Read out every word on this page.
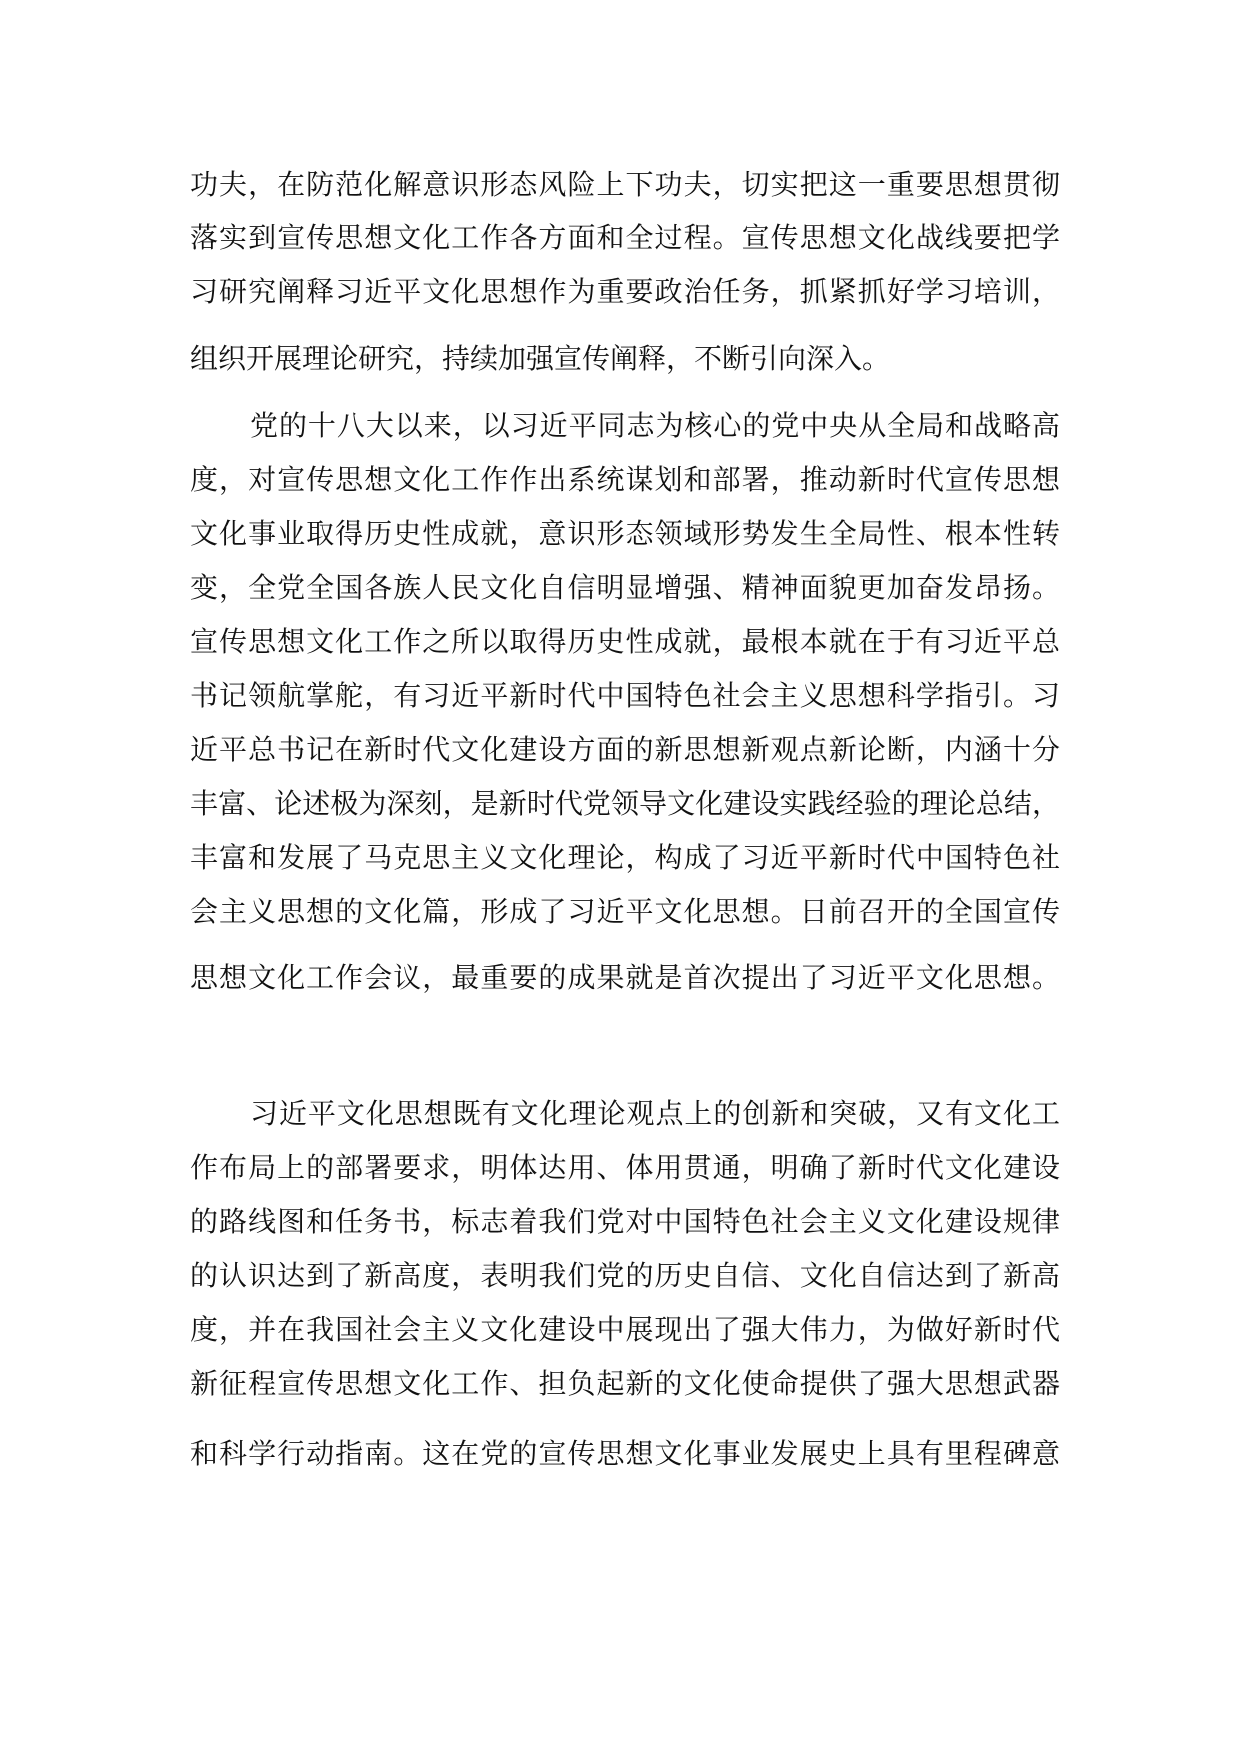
功夫，在防范化解意识形态风险上下功夫，切实把这一重要思想贯彻
落实到宣传思想文化工作各方面和全过程。宣传思想文化战线要把学
习研究阐释习近平文化思想作为重要政治任务，抓紧抓好学习培训，
组织开展理论研究，持续加强宣传阐释，不断引向深入。
党的十八大以来，以习近平同志为核心的党中央从全局和战略高
度，对宣传思想文化工作作出系统谋划和部署，推动新时代宣传思想
文化事业取得历史性成就，意识形态领域形势发生全局性、根本性转
变，全党全国各族人民文化自信明显增强、精神面貌更加奋发昂扬。
宣传思想文化工作之所以取得历史性成就，最根本就在于有习近平总
书记领航掌舵，有习近平新时代中国特色社会主义思想科学指引。习
近平总书记在新时代文化建设方面的新思想新观点新论断，内涵十分
丰富、论述极为深刻，是新时代党领导文化建设实践经验的理论总结，
丰富和发展了马克思主义文化理论，构成了习近平新时代中国特色社
会主义思想的文化篇，形成了习近平文化思想。日前召开的全国宣传
思想文化工作会议，最重要的成果就是首次提出了习近平文化思想。
习近平文化思想既有文化理论观点上的创新和突破，又有文化工
作布局上的部署要求，明体达用、体用贯通，明确了新时代文化建设
的路线图和任务书，标志着我们党对中国特色社会主义文化建设规律
的认识达到了新高度，表明我们党的历史自信、文化自信达到了新高
度，并在我国社会主义文化建设中展现出了强大伟力，为做好新时代
新征程宣传思想文化工作、担负起新的文化使命提供了强大思想武器
和科学行动指南。这在党的宣传思想文化事业发展史上具有里程碑意
